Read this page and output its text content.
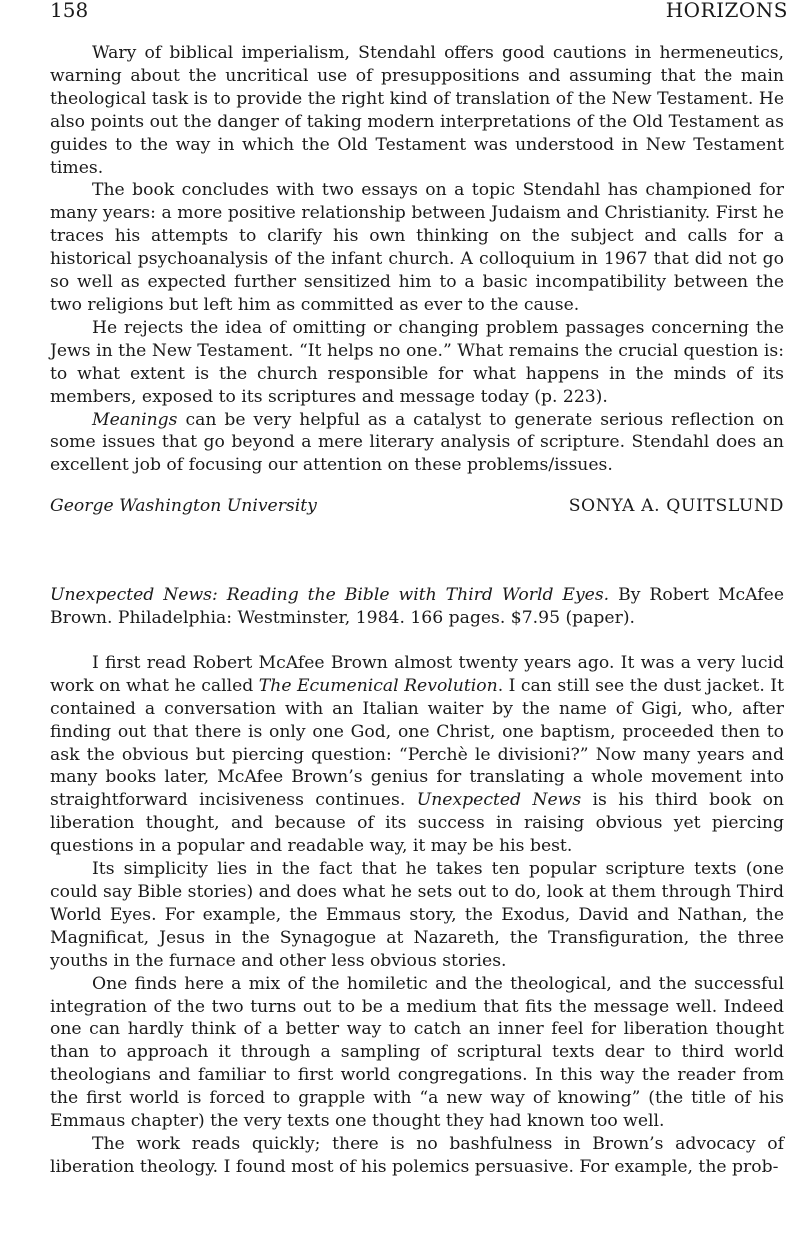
158	HORIZONS

Wary of biblical imperialism, Stendahl offers good cautions in hermeneutics, warning about the uncritical use of presuppositions and assuming that the main theological task is to provide the right kind of translation of the New Testament. He also points out the danger of taking modern interpretations of the Old Testament as guides to the way in which the Old Testament was understood in New Testament times.

The book concludes with two essays on a topic Stendahl has championed for many years: a more positive relationship between Judaism and Christianity. First he traces his attempts to clarify his own thinking on the subject and calls for a historical psychoanalysis of the infant church. A colloquium in 1967 that did not go so well as expected further sensitized him to a basic incompatibility between the two religions but left him as committed as ever to the cause.

He rejects the idea of omitting or changing problem passages concerning the Jews in the New Testament. “It helps no one.” What remains the crucial question is: to what extent is the church responsible for what happens in the minds of its members, exposed to its scriptures and message today (p. 223).

Meanings can be very helpful as a catalyst to generate serious reflection on some issues that go beyond a mere literary analysis of scripture. Stendahl does an excellent job of focusing our attention on these problems/issues.

George Washington University	SONYA A. QUITSLUND

Unexpected News: Reading the Bible with Third World Eyes. By Robert McAfee Brown. Philadelphia: Westminster, 1984. 166 pages. $7.95 (paper).

I first read Robert McAfee Brown almost twenty years ago. It was a very lucid work on what he called The Ecumenical Revolution. I can still see the dust jacket. It contained a conversation with an Italian waiter by the name of Gigi, who, after finding out that there is only one God, one Christ, one baptism, proceeded then to ask the obvious but piercing question: “Perchè le divisioni?” Now many years and many books later, McAfee Brown’s genius for translating a whole movement into straightforward incisiveness continues. Unexpected News is his third book on liberation thought, and because of its success in raising obvious yet piercing questions in a popular and readable way, it may be his best.

Its simplicity lies in the fact that he takes ten popular scripture texts (one could say Bible stories) and does what he sets out to do, look at them through Third World Eyes. For example, the Emmaus story, the Exodus, David and Nathan, the Magnificat, Jesus in the Synagogue at Nazareth, the Transfiguration, the three youths in the furnace and other less obvious stories.

One finds here a mix of the homiletic and the theological, and the successful integration of the two turns out to be a medium that fits the message well. Indeed one can hardly think of a better way to catch an inner feel for liberation thought than to approach it through a sampling of scriptural texts dear to third world theologians and familiar to first world congregations. In this way the reader from the first world is forced to grapple with “a new way of knowing” (the title of his Emmaus chapter) the very texts one thought they had known too well.

The work reads quickly; there is no bashfulness in Brown’s advocacy of liberation theology. I found most of his polemics persuasive. For example, the prob-
